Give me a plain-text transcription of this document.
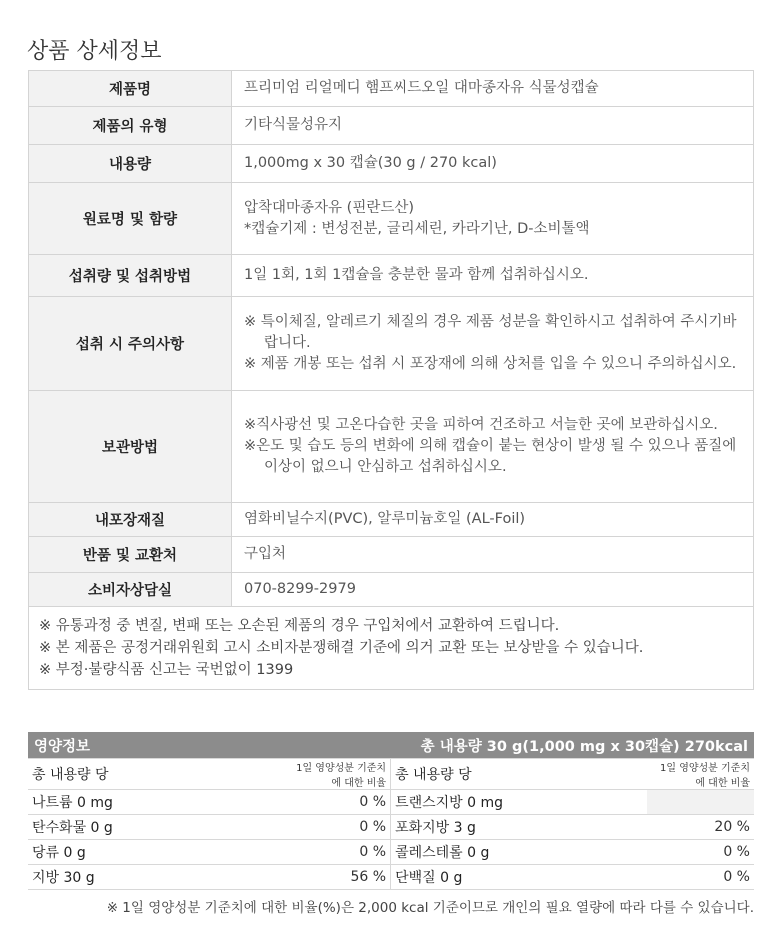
상품 상세정보
제품명	프리미엄 리얼메디 햄프씨드오일 대마종자유 식물성캡슐
제품의 유형	기타식물성유지
내용량	1,000mg x 30 캡슐(30 g / 270 kcal)
원료명 및 함량	압착대마종자유 (핀란드산)
*캡슐기제 : 변성전분, 글리세린, 카라기난, D-소비톨액

섭취량 및 섭취방법	1일 1회, 1회 1캡슐을 충분한 물과 함께 섭취하십시오.
섭취 시 주의사항	※ 특이체질, 알레르기 체질의 경우 제품 성분을 확인하시고 섭취하여 주시기바랍니다.
※ 제품 개봉 또는 섭취 시 포장재에 의해 상처를 입을 수 있으니 주의하십시오.

보관방법	※직사광선 및 고온다습한 곳을 피하여 건조하고 서늘한 곳에 보관하십시오.
※온도 및 습도 등의 변화에 의해 캡슐이 붙는 현상이 발생 될 수 있으나 품질에 이상이 없으니 안심하고 섭취하십시오.

내포장재질	염화비닐수지(PVC), 알루미늄호일 (AL-Foil)
반품 및 교환처	구입처
소비자상담실	070-8299-2979

※ 유통과정 중 변질, 변패 또는 오손된 제품의 경우 구입처에서 교환하여 드립니다.
※ 본 제품은 공정거래위원회 고시 소비자분쟁해결 기준에 의거 교환 또는 보상받을 수 있습니다.
※ 부정·불량식품 신고는 국번없이 1399	
영양정보		총 내용량 30 g(1,000 mg x 30캡슐) 270kcal	
총 내용량 당	1일 영양성분 기준치에 대한 비율	총 내용량 당	1일 영양성분 기준치에 대한 비율
나트륨 0 mg	0 %	트랜스지방 0 mg	
탄수화물 0 g	0 %	포화지방 3 g	20 %
당류 0 g	0 %	콜레스테롤 0 g	0 %
지방 30 g	56 %	단백질 0 g	0 %
※ 1일 영양성분 기준치에 대한 비율(%)은 2,000 kcal 기준이므로 개인의 필요 열량에 따라 다를 수 있습니다.
